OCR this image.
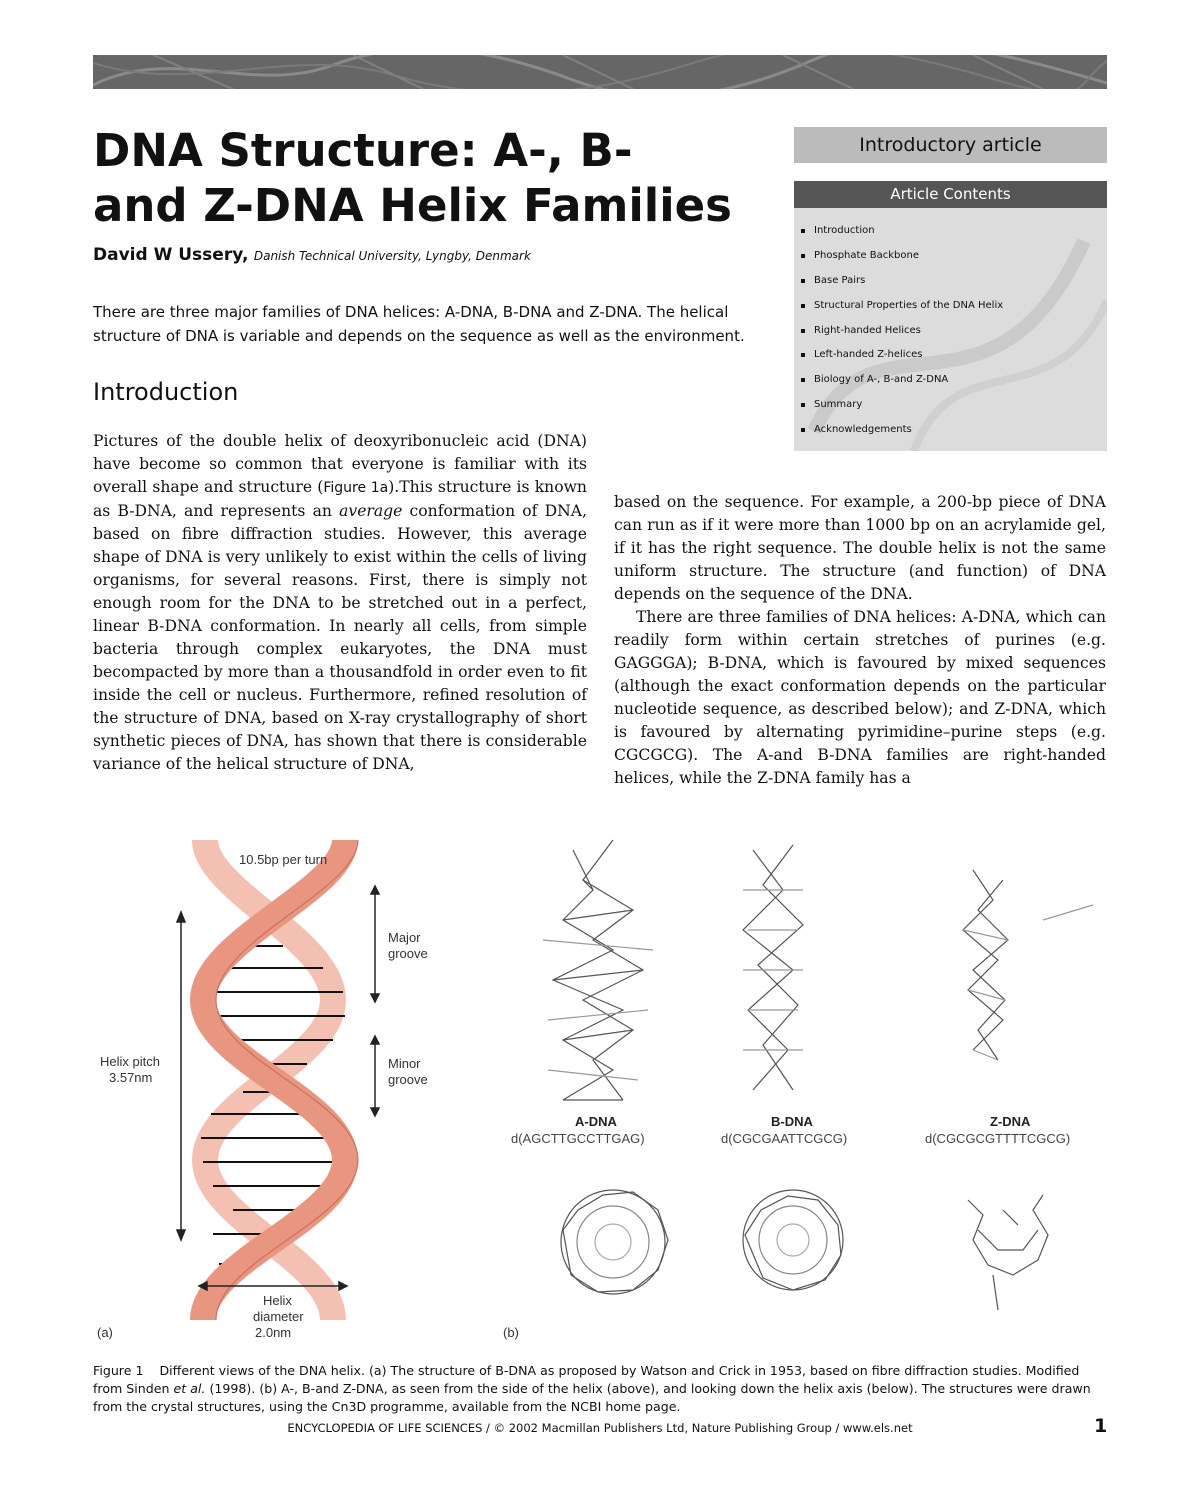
DNA Structure: A-, B- and Z-DNA Helix Families
David W Ussery, Danish Technical University, Lyngby, Denmark
There are three major families of DNA helices: A-DNA, B-DNA and Z-DNA. The helical structure of DNA is variable and depends on the sequence as well as the environment.
Introduction
Introductory article
Article Contents
Introduction
Phosphate Backbone
Base Pairs
Structural Properties of the DNA Helix
Right-handed Helices
Left-handed Z-helices
Biology of A-, B-and Z-DNA
Summary
Acknowledgements

Pictures of the double helix of deoxyribonucleic acid (DNA) have become so common that everyone is familiar with its overall shape and structure (Figure 1a).This structure is known as B-DNA, and represents an average conformation of DNA, based on fibre diffraction studies. However, this average shape of DNA is very unlikely to exist within the cells of living organisms, for several reasons. First, there is simply not enough room for the DNA to be stretched out in a perfect, linear B-DNA conformation. In nearly all cells, from simple bacteria through complex eukaryotes, the DNA must becompacted by more than a thousandfold in order even to fit inside the cell or nucleus. Furthermore, refined resolution of the structure of DNA, based on X-ray crystallography of short synthetic pieces of DNA, has shown that there is considerable variance of the helical structure of DNA,

based on the sequence. For example, a 200-bp piece of DNA can run as if it were more than 1000 bp on an acrylamide gel, if it has the right sequence. The double helix is not the same uniform structure. The structure (and function) of DNA depends on the sequence of the DNA.

There are three families of DNA helices: A-DNA, which can readily form within certain stretches of purines (e.g. GAGGGA); B-DNA, which is favoured by mixed sequences (although the exact conformation depends on the particular nucleotide sequence, as described below); and Z-DNA, which is favoured by alternating pyrimidine–purine steps (e.g. CGCGCG). The A-and B-DNA families are right-handed helices, while the Z-DNA family has a

10.5bp per turn
Major
groove
Minor
groove
Helix pitch
3.57nm
Helix
diameter
2.0nm
(a)
A-DNA
d(AGCTTGCCTTGAG)
B-DNA
d(CGCGAATTCGCG)
Z-DNA
d(CGCGCGTTTTCGCG)
(b)
Figure 1 Different views of the DNA helix. (a) The structure of B-DNA as proposed by Watson and Crick in 1953, based on fibre diffraction studies. Modified from Sinden et al. (1998). (b) A-, B-and Z-DNA, as seen from the side of the helix (above), and looking down the helix axis (below). The structures were drawn from the crystal structures, using the Cn3D programme, available from the NCBI home page.
ENCYCLOPEDIA OF LIFE SCIENCES / © 2002 Macmillan Publishers Ltd, Nature Publishing Group / www.els.net	1
